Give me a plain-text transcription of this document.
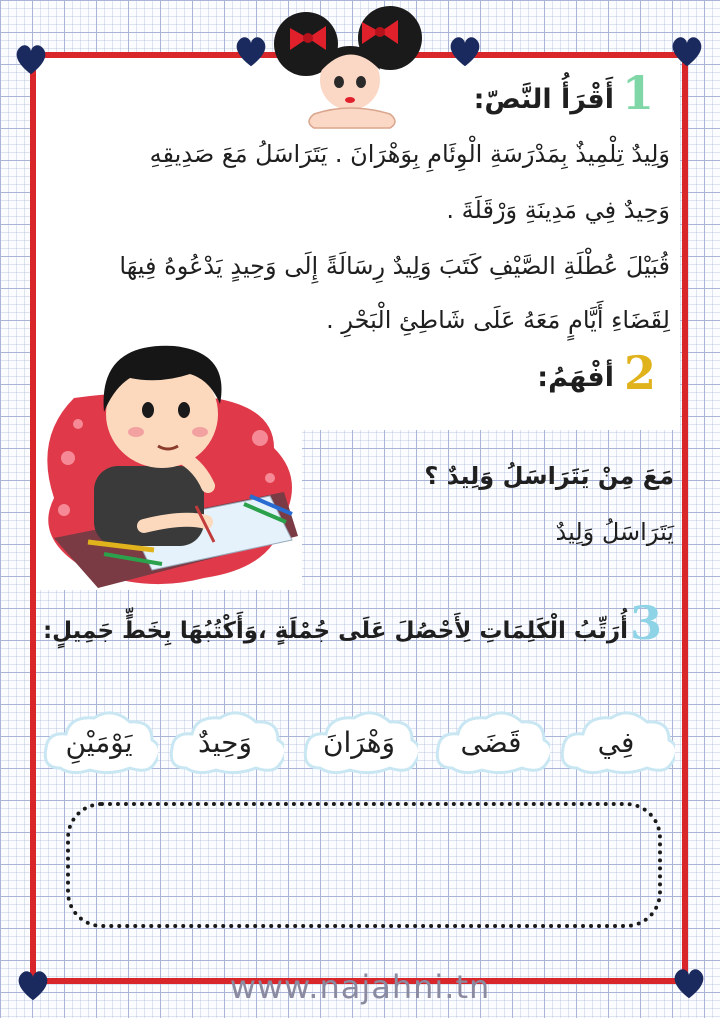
1
أَقْرَأُ النَّصّ:
وَلِيدٌ تِلْمِيذٌ بِمَدْرَسَةِ الْوِئَامِ بِوَهْرَانَ . يَتَرَاسَلُ مَعَ صَدِيقِهِ
وَحِيدٌ فِي مَدِينَةِ وَرْقَلَةَ .
قُبَيْلَ عُطْلَةِ الصَّيْفِ كَتَبَ وَلِيدٌ رِسَالَةً إِلَى وَحِيدٍ يَدْعُوهُ فِيهَا
لِقَضَاءِ أَيَّامٍ مَعَهُ عَلَى شَاطِئِ الْبَحْرِ .
2
أفْهَمُ:
مَعَ مِنْ يَتَرَاسَلُ وَلِيدٌ ؟
يَتَرَاسَلُ وَلِيدٌ
3
أُرَتِّبُ الْكَلِمَاتِ لِأَحْصُلَ عَلَى جُمْلَةٍ ،وَأَكْتُبُهَا بِخَطٍّ جَمِيلٍ:
فِي
قَضَى
وَهْرَانَ
وَحِيدٌ
يَوْمَيْنِ
www.najahni.tn
